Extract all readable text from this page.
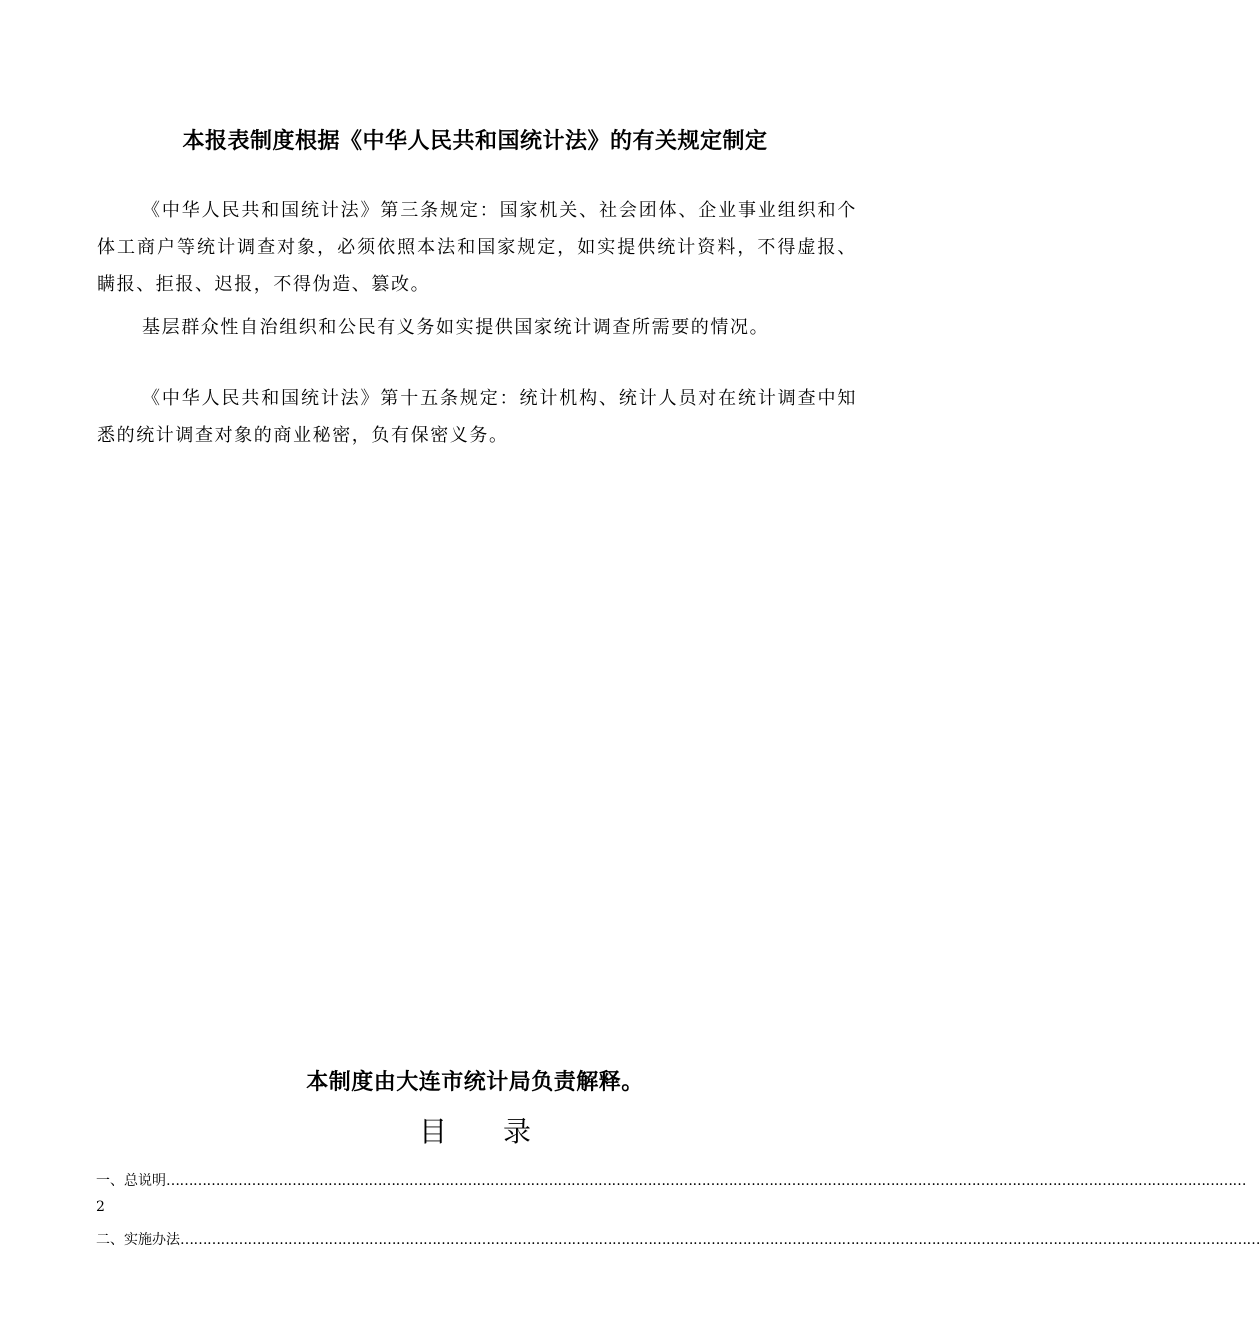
本报表制度根据《中华人民共和国统计法》的有关规定制定

《中华人民共和国统计法》第三条规定：国家机关、社会团体、企业事业组织和个体工商户等统计调查对象，必须依照本法和国家规定，如实提供统计资料，不得虚报、瞒报、拒报、迟报，不得伪造、篡改。

基层群众性自治组织和公民有义务如实提供国家统计调查所需要的情况。

《中华人民共和国统计法》第十五条规定：统计机构、统计人员对在统计调查中知悉的统计调查对象的商业秘密，负有保密义务。

本制度由大连市统计局负责解释。
目 录
一、总说明 ……………………………………………………………………………………………………………………………………………………………………………………………………………………
2
二、实施办法 ……………………………………………………………………………………………………………………………………………………………………………………………………………………
